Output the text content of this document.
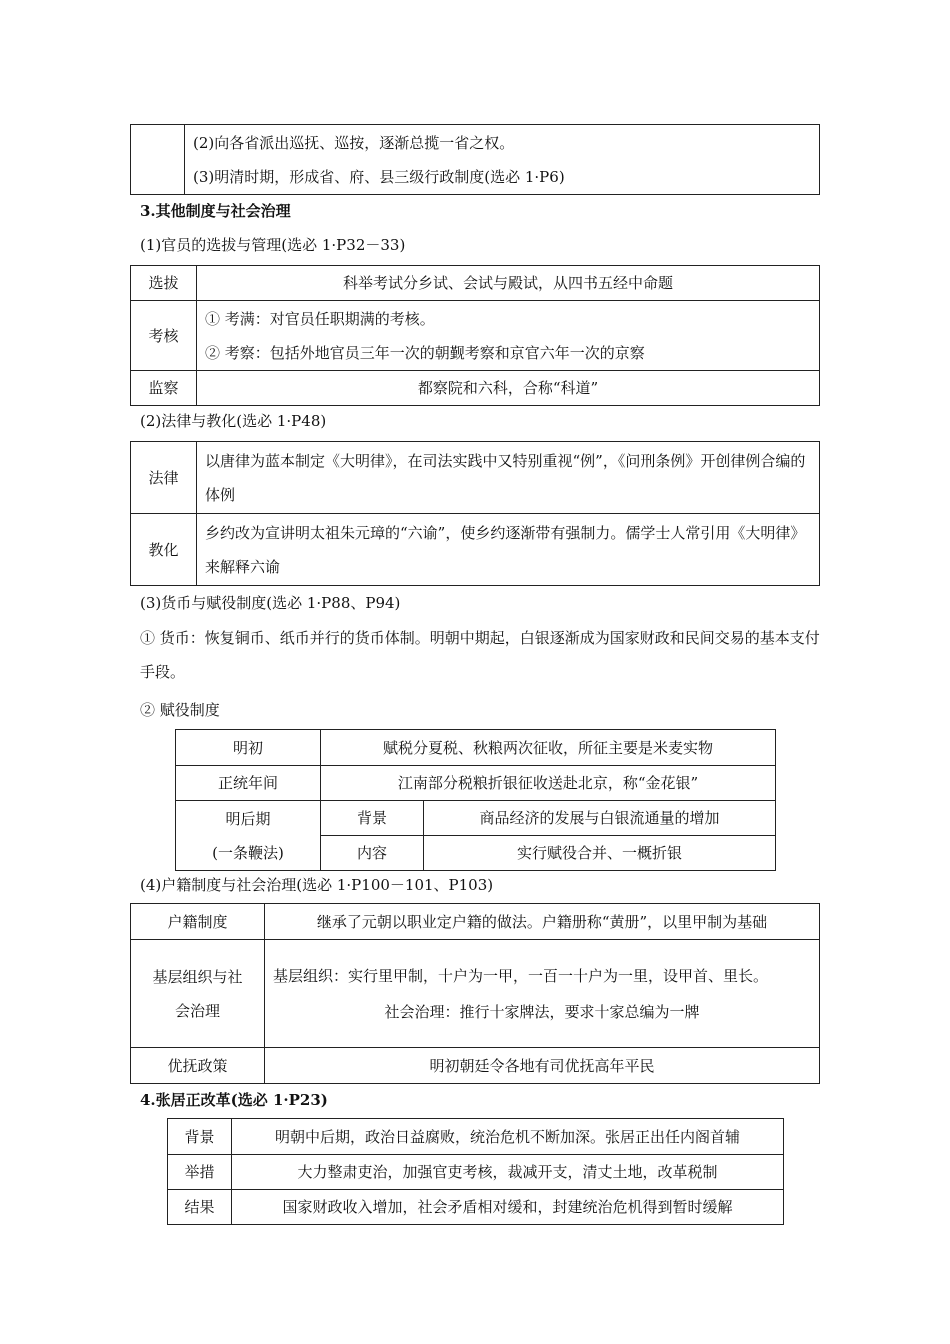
(2)向各省派出巡抚、巡按，逐渐总揽一省之权。
(3)明清时期，形成省、府、县三级行政制度(选必 1·P6)
3.其他制度与社会治理
(1)官员的选拔与管理(选必 1·P32－33)
选拔	科举考试分乡试、会试与殿试，从四书五经中命题
考核	① 考满：对官员任职期满的考核。
② 考察：包括外地官员三年一次的朝觐考察和京官六年一次的京察

监察	都察院和六科，合称“科道”
(2)法律与教化(选必 1·P48)
法律	以唐律为蓝本制定《大明律》，在司法实践中又特别重视“例”，《问刑条例》开创律例合编的体例

教化	乡约改为宣讲明太祖朱元璋的“六谕”，使乡约逐渐带有强制力。儒学士人常引用《大明律》来解释六谕
(3)货币与赋役制度(选必 1·P88、P94)
① 货币：恢复铜币、纸币并行的货币体制。明朝中期起，白银逐渐成为国家财政和民间交易的基本支付手段。
② 赋役制度
明初	赋税分夏税、秋粮两次征收，所征主要是米麦实物	
正统年间	江南部分税粮折银征收送赴北京，称“金花银”	

明后期
(一条鞭法)	背景	商品经济的发展与白银流通量的增加
	内容	实行赋役合并、一概折银
(4)户籍制度与社会治理(选必 1·P100－101、P103)
户籍制度	继承了元朝以职业定户籍的做法。户籍册称“黄册”，以里甲制为基础

基层组织与社
会治理	基层组织：实行里甲制，十户为一甲，一百一十户为一里，设甲首、里长。
社会治理：推行十家牌法，要求十家总编为一牌

优抚政策	明初朝廷令各地有司优抚高年平民
4.张居正改革(选必 1·P23)
背景	明朝中后期，政治日益腐败，统治危机不断加深。张居正出任内阁首辅
举措	大力整肃吏治，加强官吏考核，裁减开支，清丈土地，改革税制
结果	国家财政收入增加，社会矛盾相对缓和，封建统治危机得到暂时缓解
